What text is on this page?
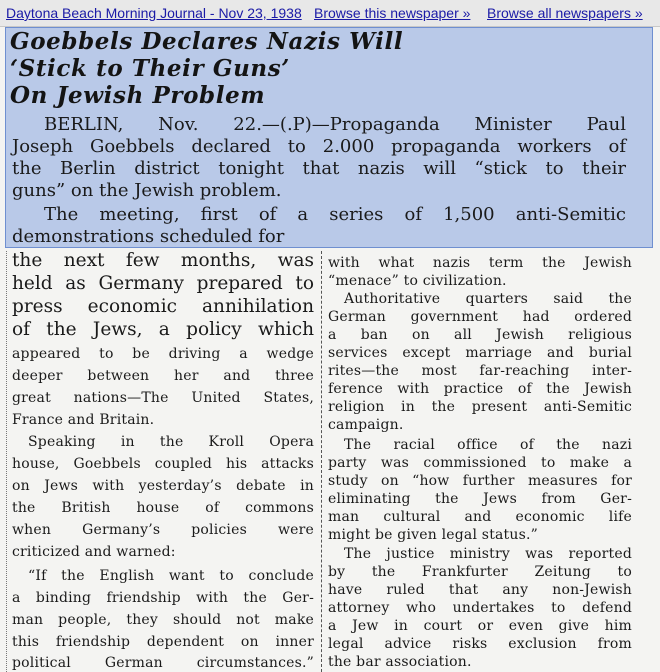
Daytona Beach Morning Journal - Nov 23, 1938 Browse this newspaper » Browse all newspapers »
Goebbels Declares Nazis Will
‘Stick to Their Guns’
On Jewish Problem
BERLIN, Nov. 22.—(.P)—Propaganda Minister Paul
Joseph Goebbels declared to 2.000 propaganda workers of
the Berlin district tonight that nazis will “stick to their
guns” on the Jewish problem.
The meeting, first of a series of 1,500 anti-Semitic
demonstrations scheduled for
the next few months, was
held as Germany prepared to
press economic annihilation
of the Jews, a policy which
appeared to be driving a wedge
deeper between her and three
great nations—The United States,
France and Britain.
Speaking in the Kroll Opera
house, Goebbels coupled his attacks
on Jews with yesterday’s debate in
the British house of commons
when Germany’s policies were
criticized and warned:
“If the English want to conclude
a binding friendship with the Ger-
man people, they should not make
this friendship dependent on inner
political German circumstances.”
with what nazis term the Jewish
“menace” to civilization.
Authoritative quarters said the
German government had ordered
a ban on all Jewish religious
services except marriage and burial
rites—the most far-reaching inter-
ference with practice of the Jewish
religion in the present anti-Semitic
campaign.
The racial office of the nazi
party was commissioned to make a
study on “how further measures for
eliminating the Jews from Ger-
man cultural and economic life
might be given legal status.”
The justice ministry was reported
by the Frankfurter Zeitung to
have ruled that any non-Jewish
attorney who undertakes to defend
a Jew in court or even give him
legal advice risks exclusion from
the bar association.
